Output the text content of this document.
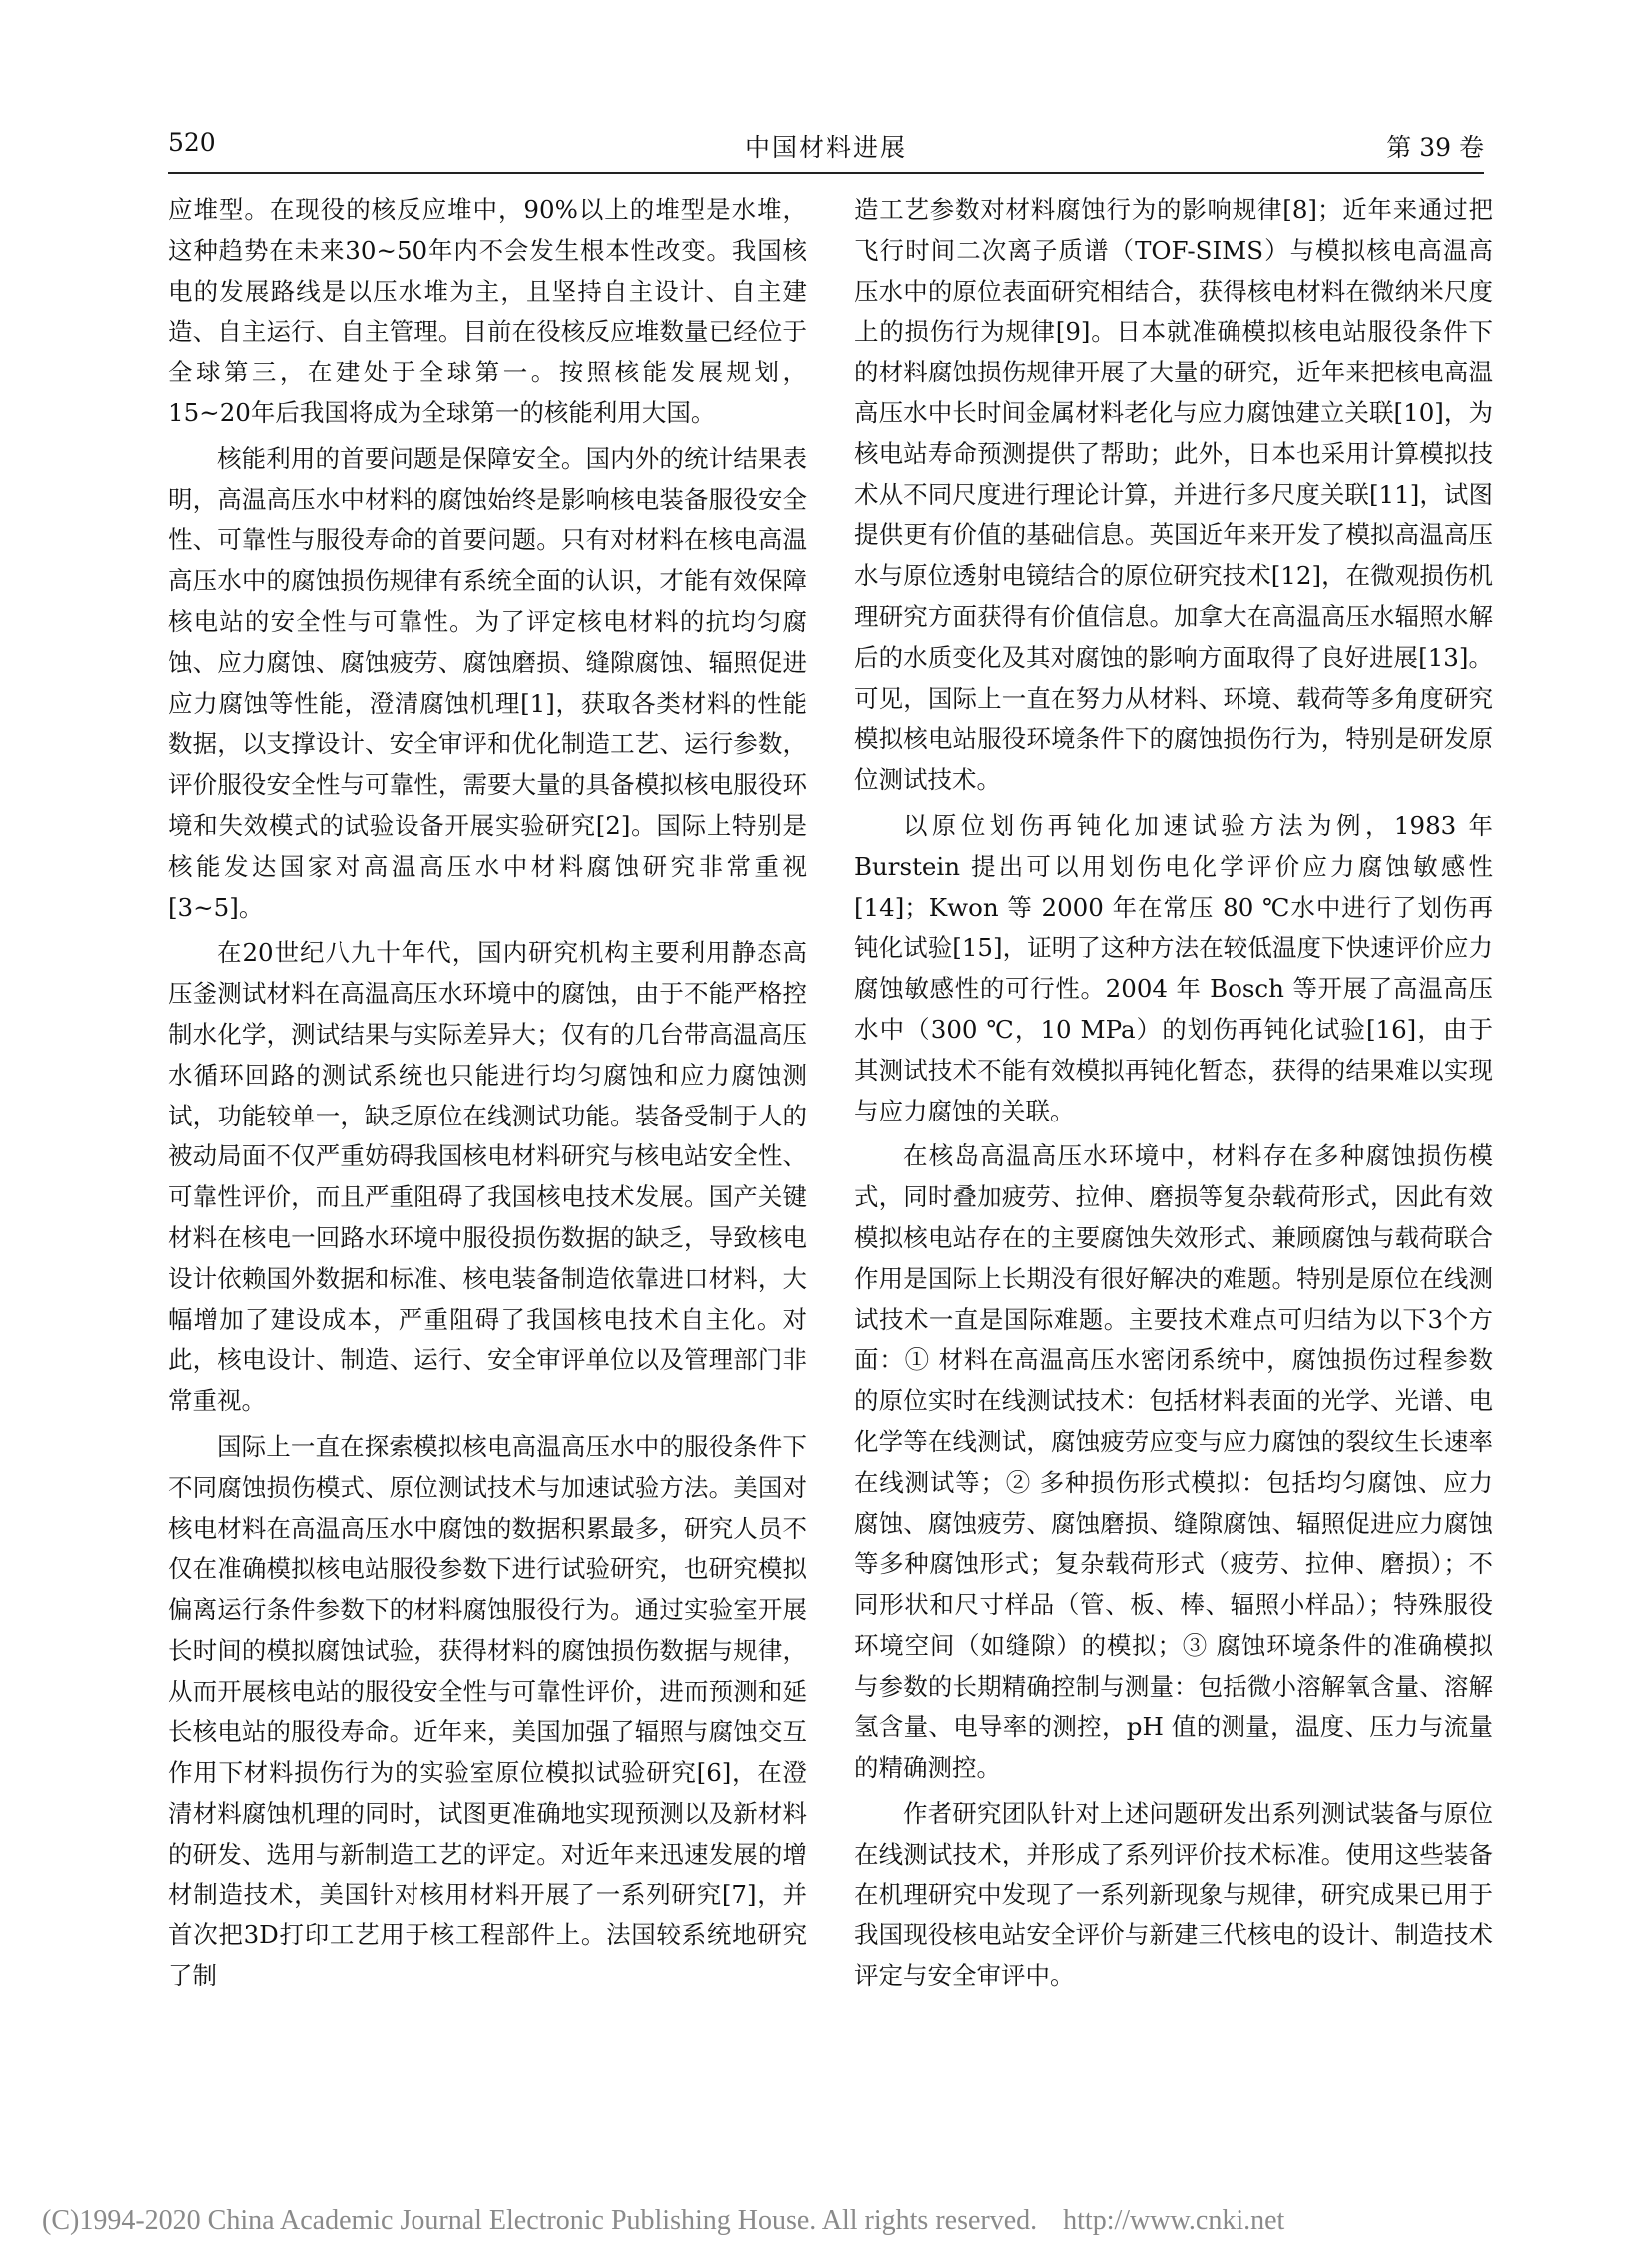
中国材料进展
520	第 39 卷

应堆型。在现役的核反应堆中，90%以上的堆型是水堆，这种趋势在未来30~50年内不会发生根本性改变。我国核电的发展路线是以压水堆为主，且坚持自主设计、自主建造、自主运行、自主管理。目前在役核反应堆数量已经位于全球第三，在建处于全球第一。按照核能发展规划，15~20年后我国将成为全球第一的核能利用大国。

核能利用的首要问题是保障安全。国内外的统计结果表明，高温高压水中材料的腐蚀始终是影响核电装备服役安全性、可靠性与服役寿命的首要问题。只有对材料在核电高温高压水中的腐蚀损伤规律有系统全面的认识，才能有效保障核电站的安全性与可靠性。为了评定核电材料的抗均匀腐蚀、应力腐蚀、腐蚀疲劳、腐蚀磨损、缝隙腐蚀、辐照促进应力腐蚀等性能，澄清腐蚀机理[1]，获取各类材料的性能数据，以支撑设计、安全审评和优化制造工艺、运行参数，评价服役安全性与可靠性，需要大量的具备模拟核电服役环境和失效模式的试验设备开展实验研究[2]。国际上特别是核能发达国家对高温高压水中材料腐蚀研究非常重视[3~5]。

在20世纪八九十年代，国内研究机构主要利用静态高压釜测试材料在高温高压水环境中的腐蚀，由于不能严格控制水化学，测试结果与实际差异大；仅有的几台带高温高压水循环回路的测试系统也只能进行均匀腐蚀和应力腐蚀测试，功能较单一，缺乏原位在线测试功能。装备受制于人的被动局面不仅严重妨碍我国核电材料研究与核电站安全性、可靠性评价，而且严重阻碍了我国核电技术发展。国产关键材料在核电一回路水环境中服役损伤数据的缺乏，导致核电设计依赖国外数据和标准、核电装备制造依靠进口材料，大幅增加了建设成本，严重阻碍了我国核电技术自主化。对此，核电设计、制造、运行、安全审评单位以及管理部门非常重视。

国际上一直在探索模拟核电高温高压水中的服役条件下不同腐蚀损伤模式、原位测试技术与加速试验方法。美国对核电材料在高温高压水中腐蚀的数据积累最多，研究人员不仅在准确模拟核电站服役参数下进行试验研究，也研究模拟偏离运行条件参数下的材料腐蚀服役行为。通过实验室开展长时间的模拟腐蚀试验，获得材料的腐蚀损伤数据与规律，从而开展核电站的服役安全性与可靠性评价，进而预测和延长核电站的服役寿命。近年来，美国加强了辐照与腐蚀交互作用下材料损伤行为的实验室原位模拟试验研究[6]，在澄清材料腐蚀机理的同时，试图更准确地实现预测以及新材料的研发、选用与新制造工艺的评定。对近年来迅速发展的增材制造技术，美国针对核用材料开展了一系列研究[7]，并首次把3D打印工艺用于核工程部件上。法国较系统地研究了制

造工艺参数对材料腐蚀行为的影响规律[8]；近年来通过把飞行时间二次离子质谱（TOF-SIMS）与模拟核电高温高压水中的原位表面研究相结合，获得核电材料在微纳米尺度上的损伤行为规律[9]。日本就准确模拟核电站服役条件下的材料腐蚀损伤规律开展了大量的研究，近年来把核电高温高压水中长时间金属材料老化与应力腐蚀建立关联[10]，为核电站寿命预测提供了帮助；此外，日本也采用计算模拟技术从不同尺度进行理论计算，并进行多尺度关联[11]，试图提供更有价值的基础信息。英国近年来开发了模拟高温高压水与原位透射电镜结合的原位研究技术[12]，在微观损伤机理研究方面获得有价值信息。加拿大在高温高压水辐照水解后的水质变化及其对腐蚀的影响方面取得了良好进展[13]。可见，国际上一直在努力从材料、环境、载荷等多角度研究模拟核电站服役环境条件下的腐蚀损伤行为，特别是研发原位测试技术。

以原位划伤再钝化加速试验方法为例，1983 年Burstein 提出可以用划伤电化学评价应力腐蚀敏感性[14]；Kwon 等 2000 年在常压 80 ℃水中进行了划伤再钝化试验[15]，证明了这种方法在较低温度下快速评价应力腐蚀敏感性的可行性。2004 年 Bosch 等开展了高温高压水中（300 ℃，10 MPa）的划伤再钝化试验[16]，由于其测试技术不能有效模拟再钝化暂态，获得的结果难以实现与应力腐蚀的关联。

在核岛高温高压水环境中，材料存在多种腐蚀损伤模式，同时叠加疲劳、拉伸、磨损等复杂载荷形式，因此有效模拟核电站存在的主要腐蚀失效形式、兼顾腐蚀与载荷联合作用是国际上长期没有很好解决的难题。特别是原位在线测试技术一直是国际难题。主要技术难点可归结为以下3个方面：① 材料在高温高压水密闭系统中，腐蚀损伤过程参数的原位实时在线测试技术：包括材料表面的光学、光谱、电化学等在线测试，腐蚀疲劳应变与应力腐蚀的裂纹生长速率在线测试等；② 多种损伤形式模拟：包括均匀腐蚀、应力腐蚀、腐蚀疲劳、腐蚀磨损、缝隙腐蚀、辐照促进应力腐蚀等多种腐蚀形式；复杂载荷形式（疲劳、拉伸、磨损）；不同形状和尺寸样品（管、板、棒、辐照小样品）；特殊服役环境空间（如缝隙）的模拟；③ 腐蚀环境条件的准确模拟与参数的长期精确控制与测量：包括微小溶解氧含量、溶解氢含量、电导率的测控，pH 值的测量，温度、压力与流量的精确测控。

作者研究团队针对上述问题研发出系列测试装备与原位在线测试技术，并形成了系列评价技术标准。使用这些装备在机理研究中发现了一系列新现象与规律，研究成果已用于我国现役核电站安全评价与新建三代核电的设计、制造技术评定与安全审评中。

(C)1994-2020 China Academic Journal Electronic Publishing House. All rights reserved. http://www.cnki.net
